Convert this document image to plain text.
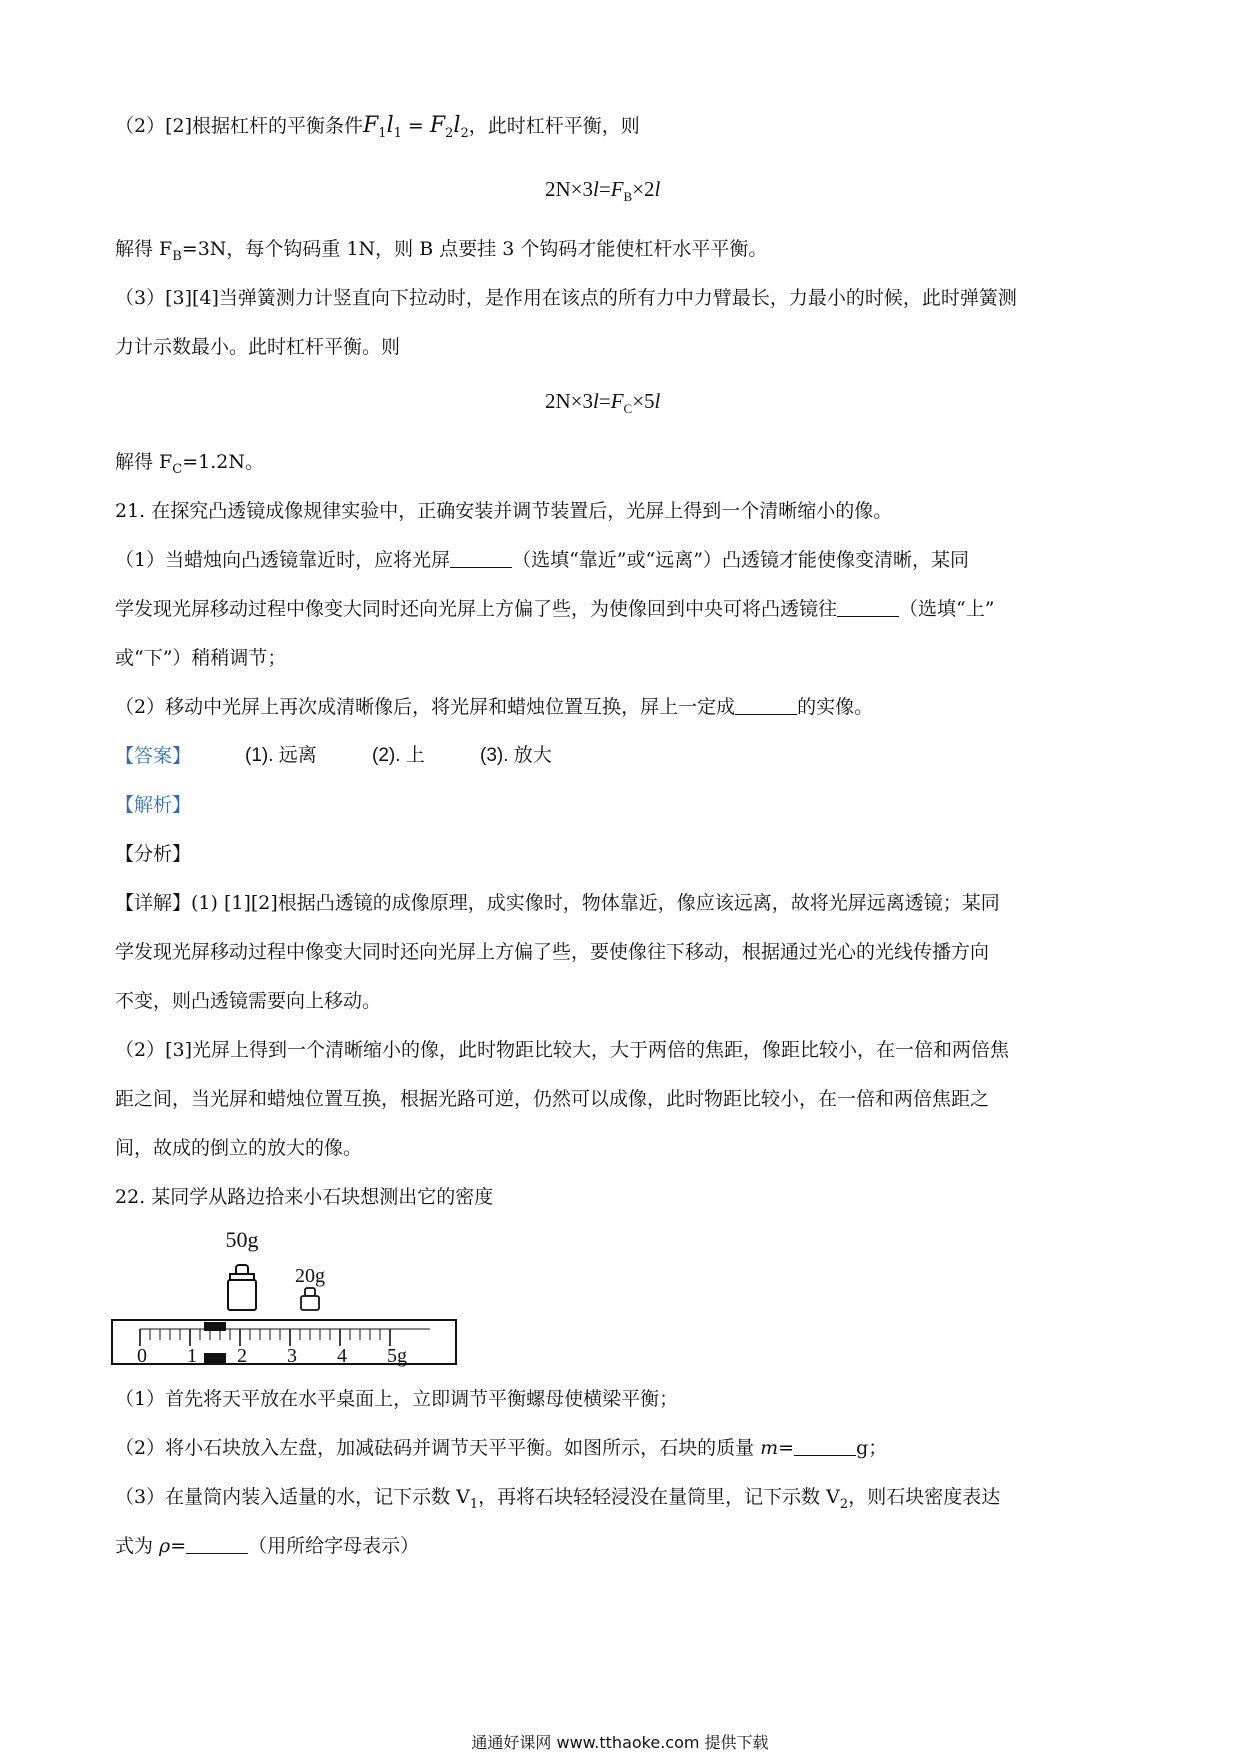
（2）[2]根据杠杆的平衡条件$F_1l_1 = F_2l_2$，此时杠杆平衡，则
$2N\times 3l=F_B\times 2l$
解得 $F_B=3N$，每个钩码重 1N，则 B 点要挂 3 个钩码才能使杠杆水平平衡。
（3）[3][4]当弹簧测力计竖直向下拉动时，是作用在该点的所有力中力臂最长，力最小的时候，此时弹簧测
力计示数最小。此时杠杆平衡。则
$2N\times 3l=F_C\times 5l$
解得 $F_C=1.2N$。
21. 在探究凸透镜成像规律实验中，正确安装并调节装置后，光屏上得到一个清晰缩小的像。
（1）当蜡烛向凸透镜靠近时，应将光屏	（选填“靠近”或“远离”）凸透镜才能使像变清晰，某同
学发现光屏移动过程中像变大同时还向光屏上方偏了些，为使像回到中央可将凸透镜往	（选填“上”
或“下”）稍稍调节；
（2）移动中光屏上再次成清晰像后，将光屏和蜡烛位置互换，屏上一定成	的实像。
【答案】	(1). 远离	(2). 上	(3). 放大
【解析】
【分析】
【详解】(1) [1][2]根据凸透镜的成像原理，成实像时，物体靠近，像应该远离，故将光屏远离透镜；某同
学发现光屏移动过程中像变大同时还向光屏上方偏了些，要使像往下移动，根据通过光心的光线传播方向
不变，则凸透镜需要向上移动。
（2）[3]光屏上得到一个清晰缩小的像，此时物距比较大，大于两倍的焦距，像距比较小，在一倍和两倍焦
距之间，当光屏和蜡烛位置互换，根据光路可逆，仍然可以成像，此时物距比较小，在一倍和两倍焦距之
间，故成的倒立的放大的像。
22. 某同学从路边拾来小石块想测出它的密度
50g
20g
0 1 2 3 4 5g
（1）首先将天平放在水平桌面上，立即调节平衡螺母使横梁平衡；
（2）将小石块放入左盘，加减砝码并调节天平平衡。如图所示，石块的质量 m=	g；
（3）在量筒内装入适量的水，记下示数 $V_1$，再将石块轻轻浸没在量筒里，记下示数 $V_2$，则石块密度表达
式为 ρ=	（用所给字母表示）
通通好课网 www.tthaoke.com 提供下载
